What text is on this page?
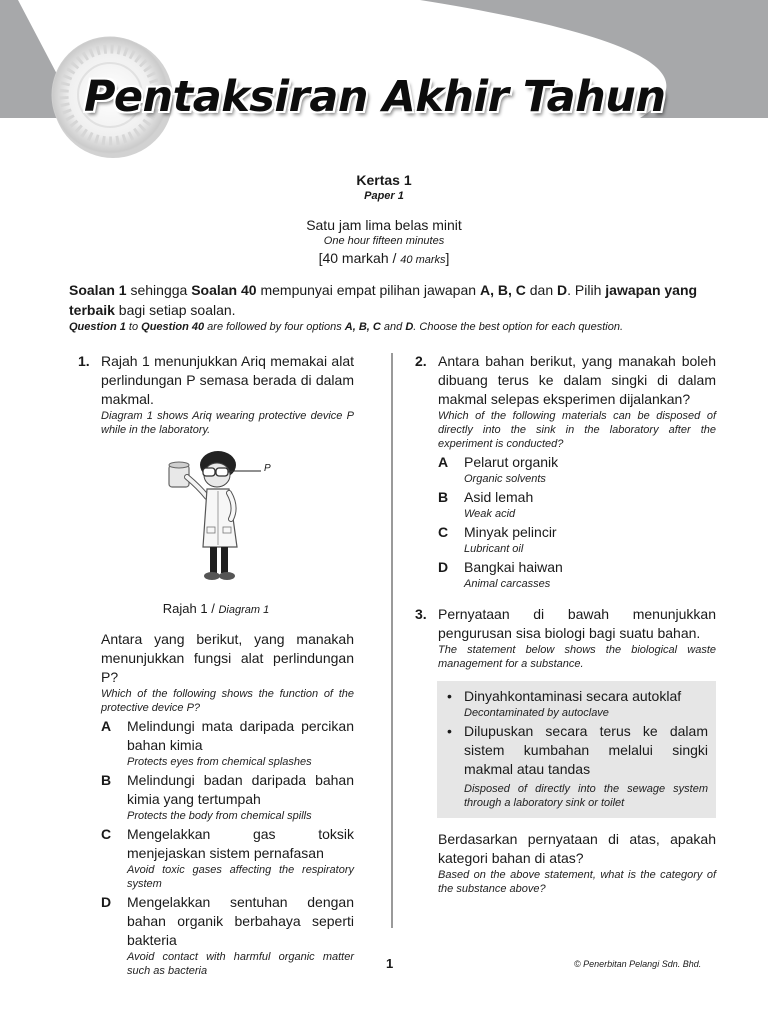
Pentaksiran Akhir Tahun
Kertas 1
Paper 1
Satu jam lima belas minit
One hour fifteen minutes
[40 markah / 40 marks]
Soalan 1 sehingga Soalan 40 mempunyai empat pilihan jawapan A, B, C dan D. Pilih jawapan yang terbaik bagi setiap soalan.
Question 1 to Question 40 are followed by four options A, B, C and D. Choose the best option for each question.
1. Rajah 1 menunjukkan Ariq memakai alat perlindungan P semasa berada di dalam makmal.
Diagram 1 shows Ariq wearing protective device P while in the laboratory.
P
Rajah 1 / Diagram 1
Antara yang berikut, yang manakah menunjukkan fungsi alat perlindungan P?
Which of the following shows the function of the protective device P?
A Melindungi mata daripada percikan bahan kimia
Protects eyes from chemical splashes
B Melindungi badan daripada bahan kimia yang tertumpah
Protects the body from chemical spills
C Mengelakkan gas toksik menjejaskan sistem pernafasan
Avoid toxic gases affecting the respiratory system
D Mengelakkan sentuhan dengan bahan organik berbahaya seperti bakteria
Avoid contact with harmful organic matter such as bacteria
2. Antara bahan berikut, yang manakah boleh dibuang terus ke dalam singki di dalam makmal selepas eksperimen dijalankan?
Which of the following materials can be disposed of directly into the sink in the laboratory after the experiment is conducted?
A Pelarut organik
Organic solvents
B Asid lemah
Weak acid
C Minyak pelincir
Lubricant oil
D Bangkai haiwan
Animal carcasses
3. Pernyataan di bawah menunjukkan pengurusan sisa biologi bagi suatu bahan.
The statement below shows the biological waste management for a substance.
• Dinyahkontaminasi secara autoklaf
Decontaminated by autoclave
• Dilupuskan secara terus ke dalam sistem kumbahan melalui singki makmal atau tandas
Disposed of directly into the sewage system through a laboratory sink or toilet
Berdasarkan pernyataan di atas, apakah kategori bahan di atas?
Based on the above statement, what is the category of the substance above?
1	© Penerbitan Pelangi Sdn. Bhd.
